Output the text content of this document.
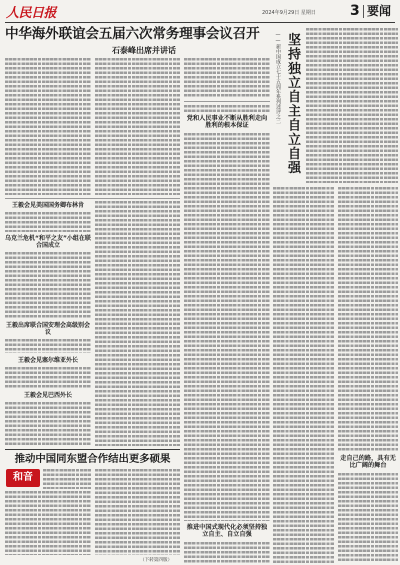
人民日报	2024年9月29日 星期日 3 要闻
中华海外联谊会五届六次常务理事会议召开
石泰峰出席并讲话
王毅会见美国国务卿布林肯
乌克兰危机“和平之友”小组在联合国成立
王毅出席联合国安理会高级别会议
王毅会见塞尔维亚外长
王毅会见巴西外长
——新中国成立七十五周年系列述评之二 坚持独立自主自立自强
党和人民事业不断从胜利走向胜利的根本保证
推进中国式现代化必须坚持独立自主、自立自强
走自己的路，具有无比广阔的舞台
推动中国同东盟合作结出更多硕果
和音
（下转第四版）
